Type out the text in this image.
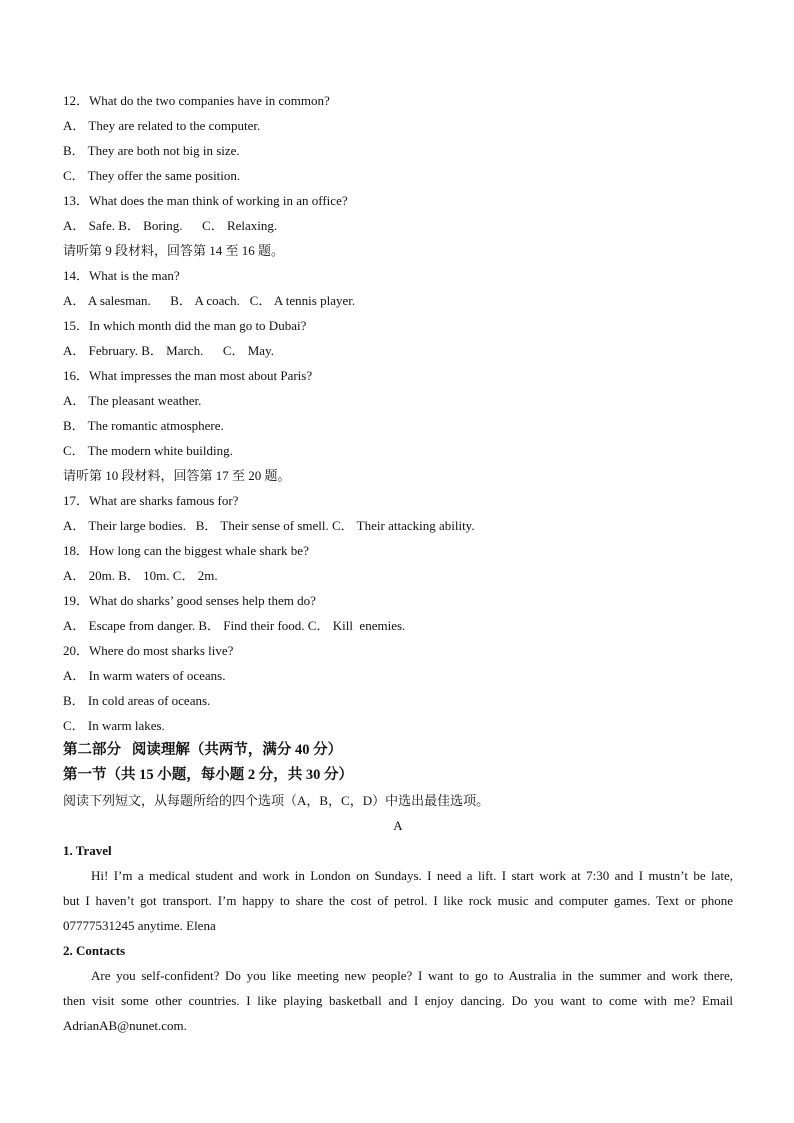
12．What do the two companies have in common?
A． They are related to the computer.
B． They are both not big in size.
C． They offer the same position.
13．What does the man think of working in an office?
A． Safe. B． Boring.      C． Relaxing.
请听第 9 段材料，回答第 14 至 16 题。
14．What is the man?
A． A salesman.      B． A coach.   C． A tennis player.
15．In which month did the man go to Dubai?
A． February. B． March.      C． May.
16．What impresses the man most about Paris?
A． The pleasant weather.
B． The romantic atmosphere.
C． The modern white building.
请听第 10 段材料，回答第 17 至 20 题。
17．What are sharks famous for?
A． Their large bodies.   B． Their sense of smell. C． Their attacking ability.
18．How long can the biggest whale shark be?
A． 20m. B． 10m. C． 2m.
19．What do sharks’ good senses help them do?
A． Escape from danger. B． Find their food. C． Kill  enemies.
20．Where do most sharks live?
A． In warm waters of oceans.
B． In cold areas of oceans.
C． In warm lakes.
第二部分   阅读理解（共两节，满分 40 分）
第一节（共 15 小题，每小题 2 分，共 30 分）
阅读下列短文，从每题所给的四个选项（A，B，C，D）中选出最佳选项。
A
1. Travel
Hi! I’m a medical student and work in London on Sundays. I need a lift. I start work at 7:30 and I mustn’t be late,
but I haven’t got transport. I’m happy to share the cost of petrol. I like rock music and computer games. Text or phone
07777531245 anytime. Elena
2. Contacts
Are you self-confident? Do you like meeting new people? I want to go to Australia in the summer and work there,
then visit some other countries. I like playing basketball and I enjoy dancing. Do you want to come with me? Email
AdrianAB@nunet.com.
